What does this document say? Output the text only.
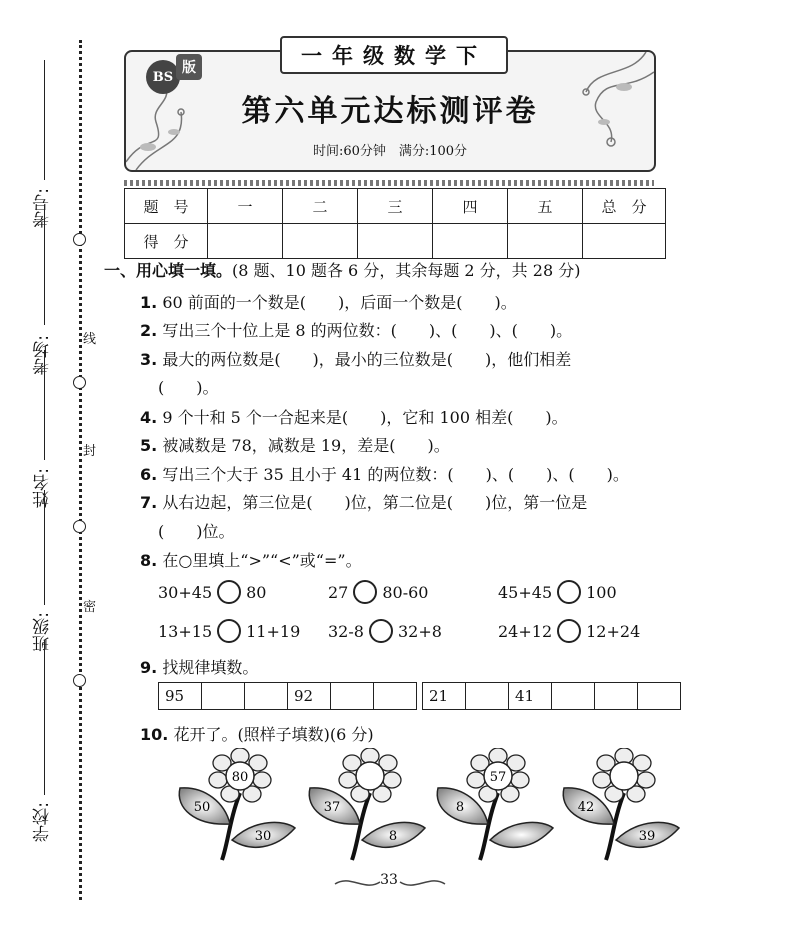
考号:
考场:
姓名:
班级:
学校:
线
封
密
一年级数学下
BS
版
第六单元达标测评卷
时间:60分钟　满分:100分
题　号	一	二	三	四	五	总　分
得　分						
一、用心填一填。(8 题、10 题各 6 分，其余每题 2 分，共 28 分)
1. 60 前面的一个数是(　　)，后面一个数是(　　)。
2. 写出三个十位上是 8 的两位数：(　　)、(　　)、(　　)。
3. 最大的两位数是(　　)，最小的三位数是(　　)，他们相差
(　　)。
4. 9 个十和 5 个一合起来是(　　)，它和 100 相差(　　)。
5. 被减数是 78，减数是 19，差是(　　)。
6. 写出三个大于 35 且小于 41 的两位数：(　　)、(　　)、(　　)。
7. 从右边起，第三位是(　　)位，第二位是(　　)位，第一位是
(　　)位。
8. 在○里填上“>”“<”或“=”。
30+45 80	27 80-60	45+45 100
13+15 11+19 32-8 32+8	24+12 12+24
9. 找规律填数。
95			92			21		41			
10. 花开了。(照样子填数)(6 分)
80
50
30
37
8
57
8	42
39
33
